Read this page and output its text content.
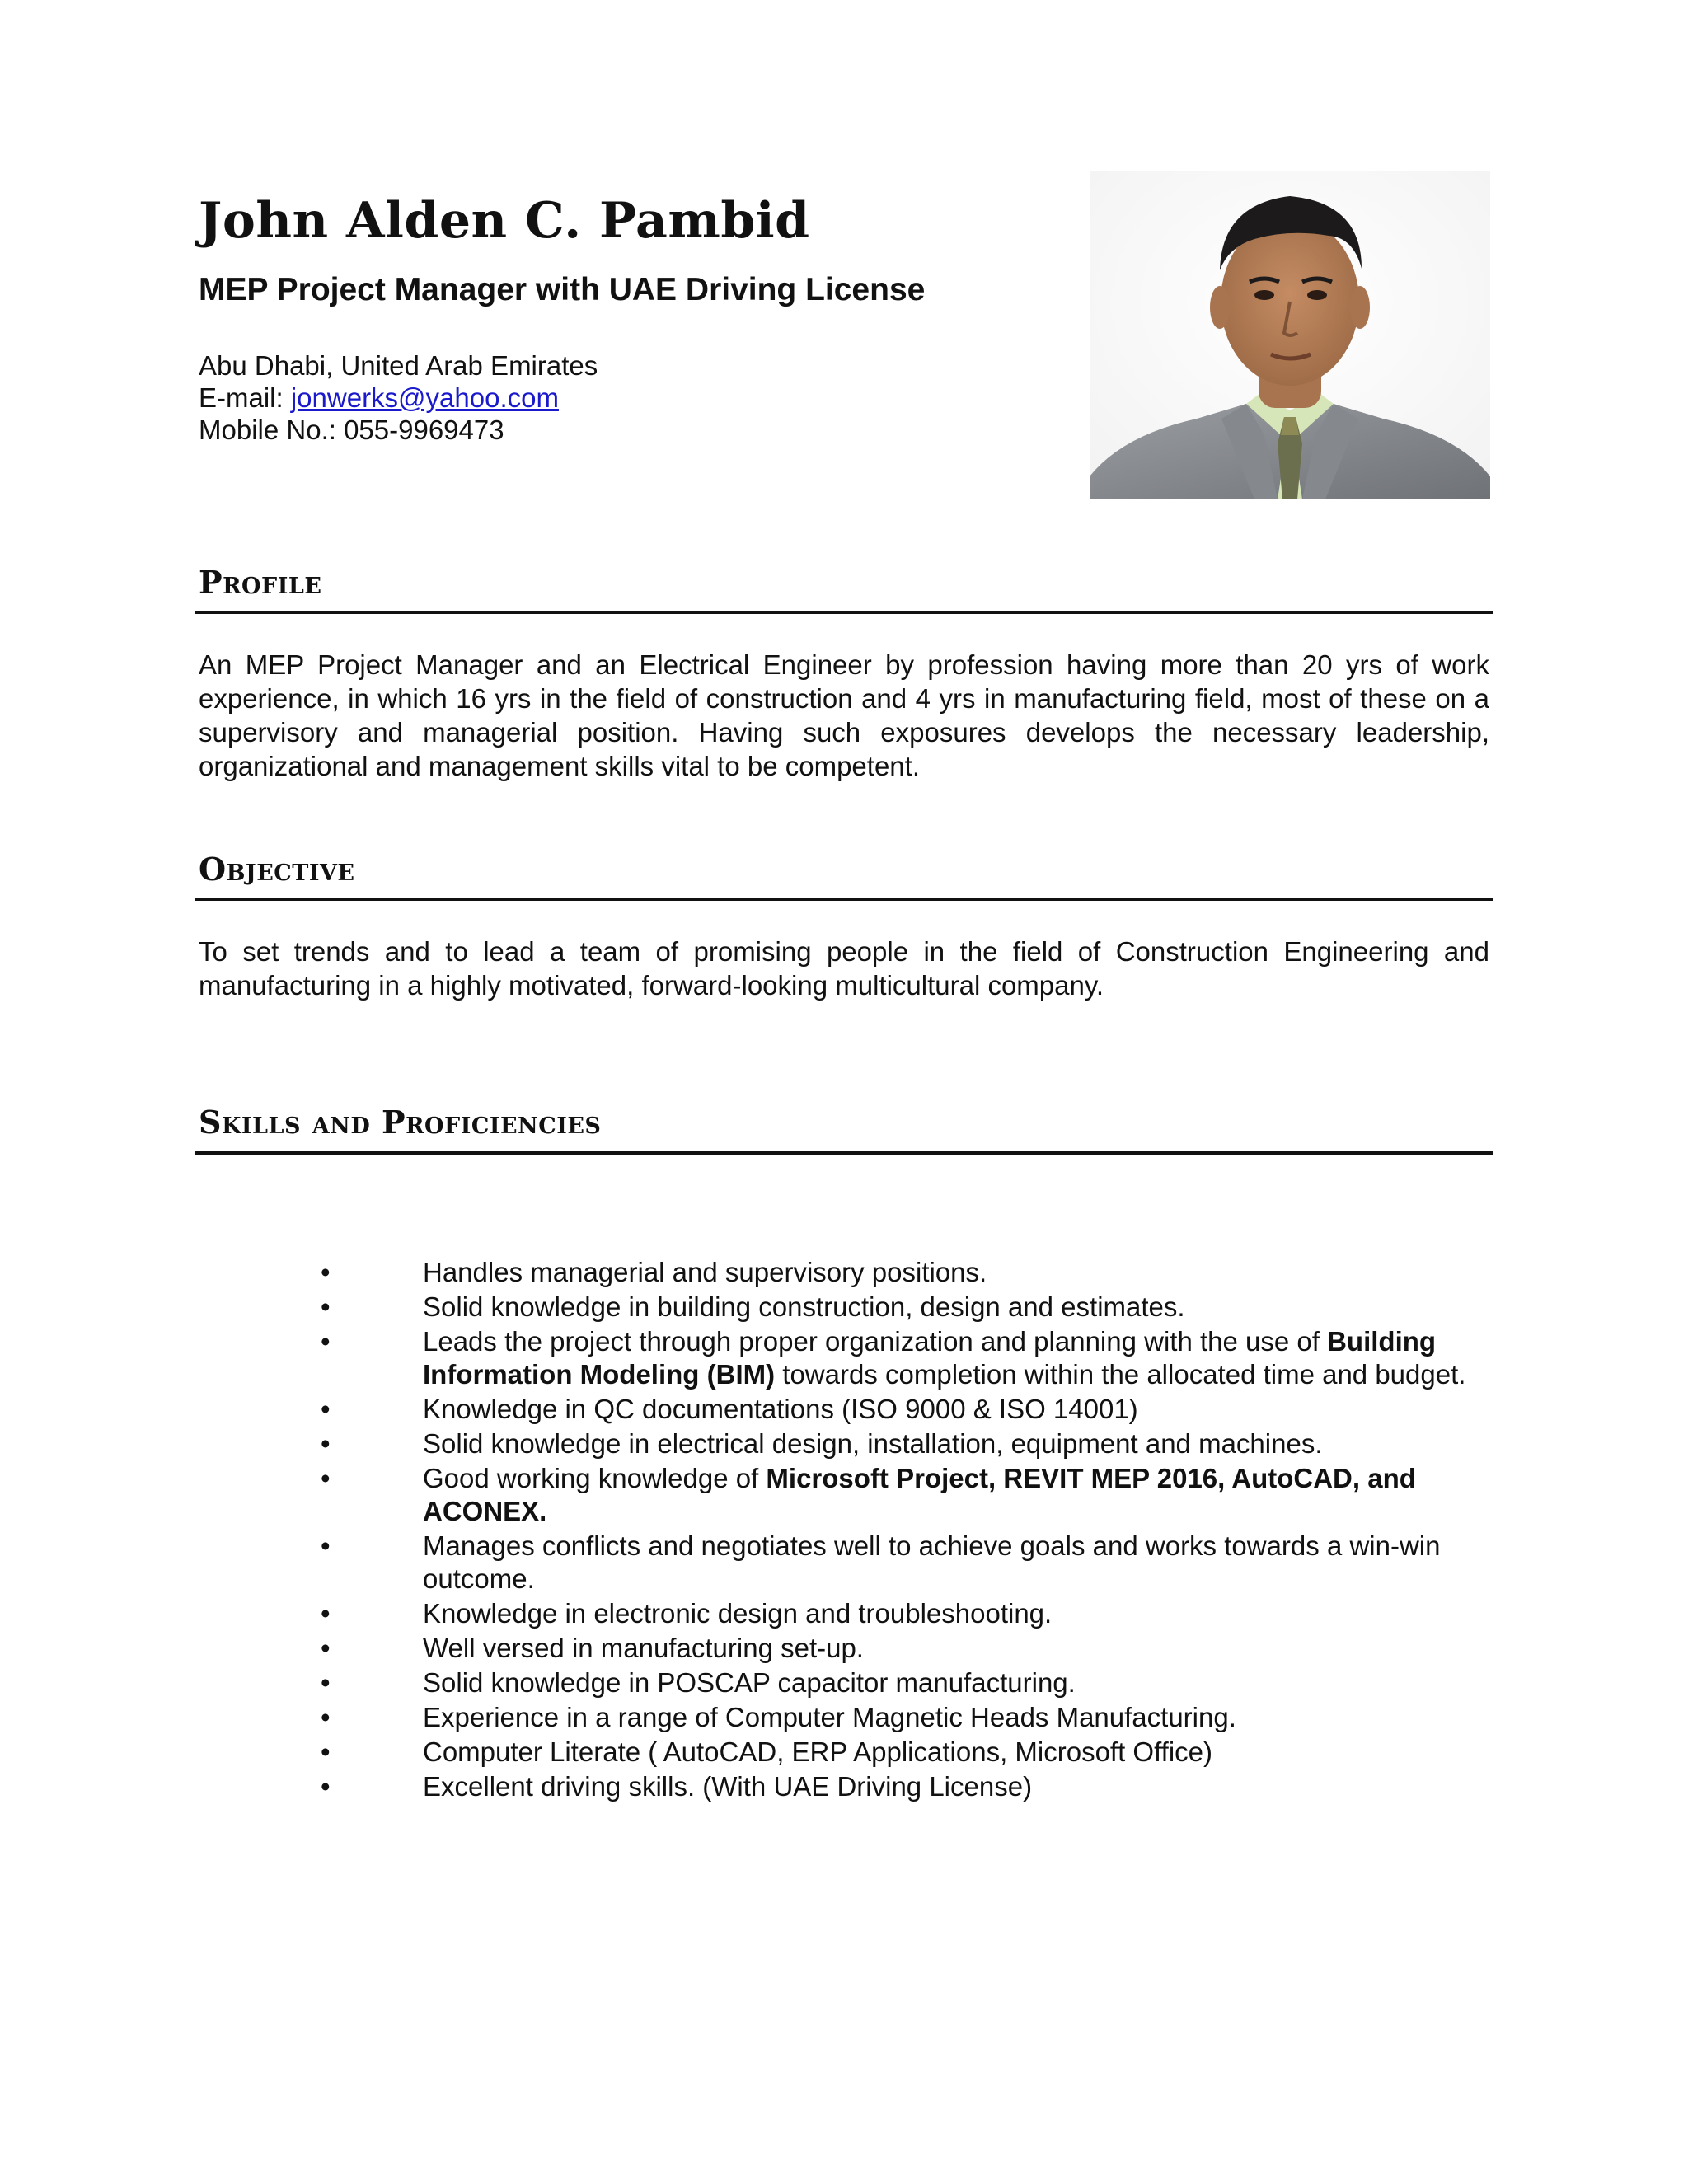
John Alden C. Pambid
MEP Project Manager with UAE Driving License
Abu Dhabi, United Arab Emirates
E-mail: jonwerks@yahoo.com
Mobile No.: 055-9969473
Profile

An MEP Project Manager and an Electrical Engineer by profession having more than 20 yrs of work experience, in which 16 yrs in the field of construction and 4 yrs in manufacturing field, most of these on a supervisory and managerial position. Having such exposures develops the necessary leadership, organizational and management skills vital to be competent.

Objective

To set trends and to lead a team of promising people in the field of Construction Engineering and manufacturing in a highly motivated, forward-looking multicultural company.

Skills and Proficiencies
•	Handles managerial and supervisory positions.
•	Solid knowledge in building construction, design and estimates.
•	Leads the project through proper organization and planning with the use of Building Information Modeling (BIM) towards completion within the allocated time and budget.
•	Knowledge in QC documentations (ISO 9000 & ISO 14001)
•	Solid knowledge in electrical design, installation, equipment and machines.
•	Good working knowledge of Microsoft Project, REVIT MEP 2016, AutoCAD, and ACONEX.
•	Manages conflicts and negotiates well to achieve goals and works towards a win-win outcome.
•	Knowledge in electronic design and troubleshooting.
•	Well versed in manufacturing set-up.
•	Solid knowledge in POSCAP capacitor manufacturing.
•	Experience in a range of Computer Magnetic Heads Manufacturing.
•	Computer Literate ( AutoCAD, ERP Applications, Microsoft Office)
•	Excellent driving skills. (With UAE Driving License)
